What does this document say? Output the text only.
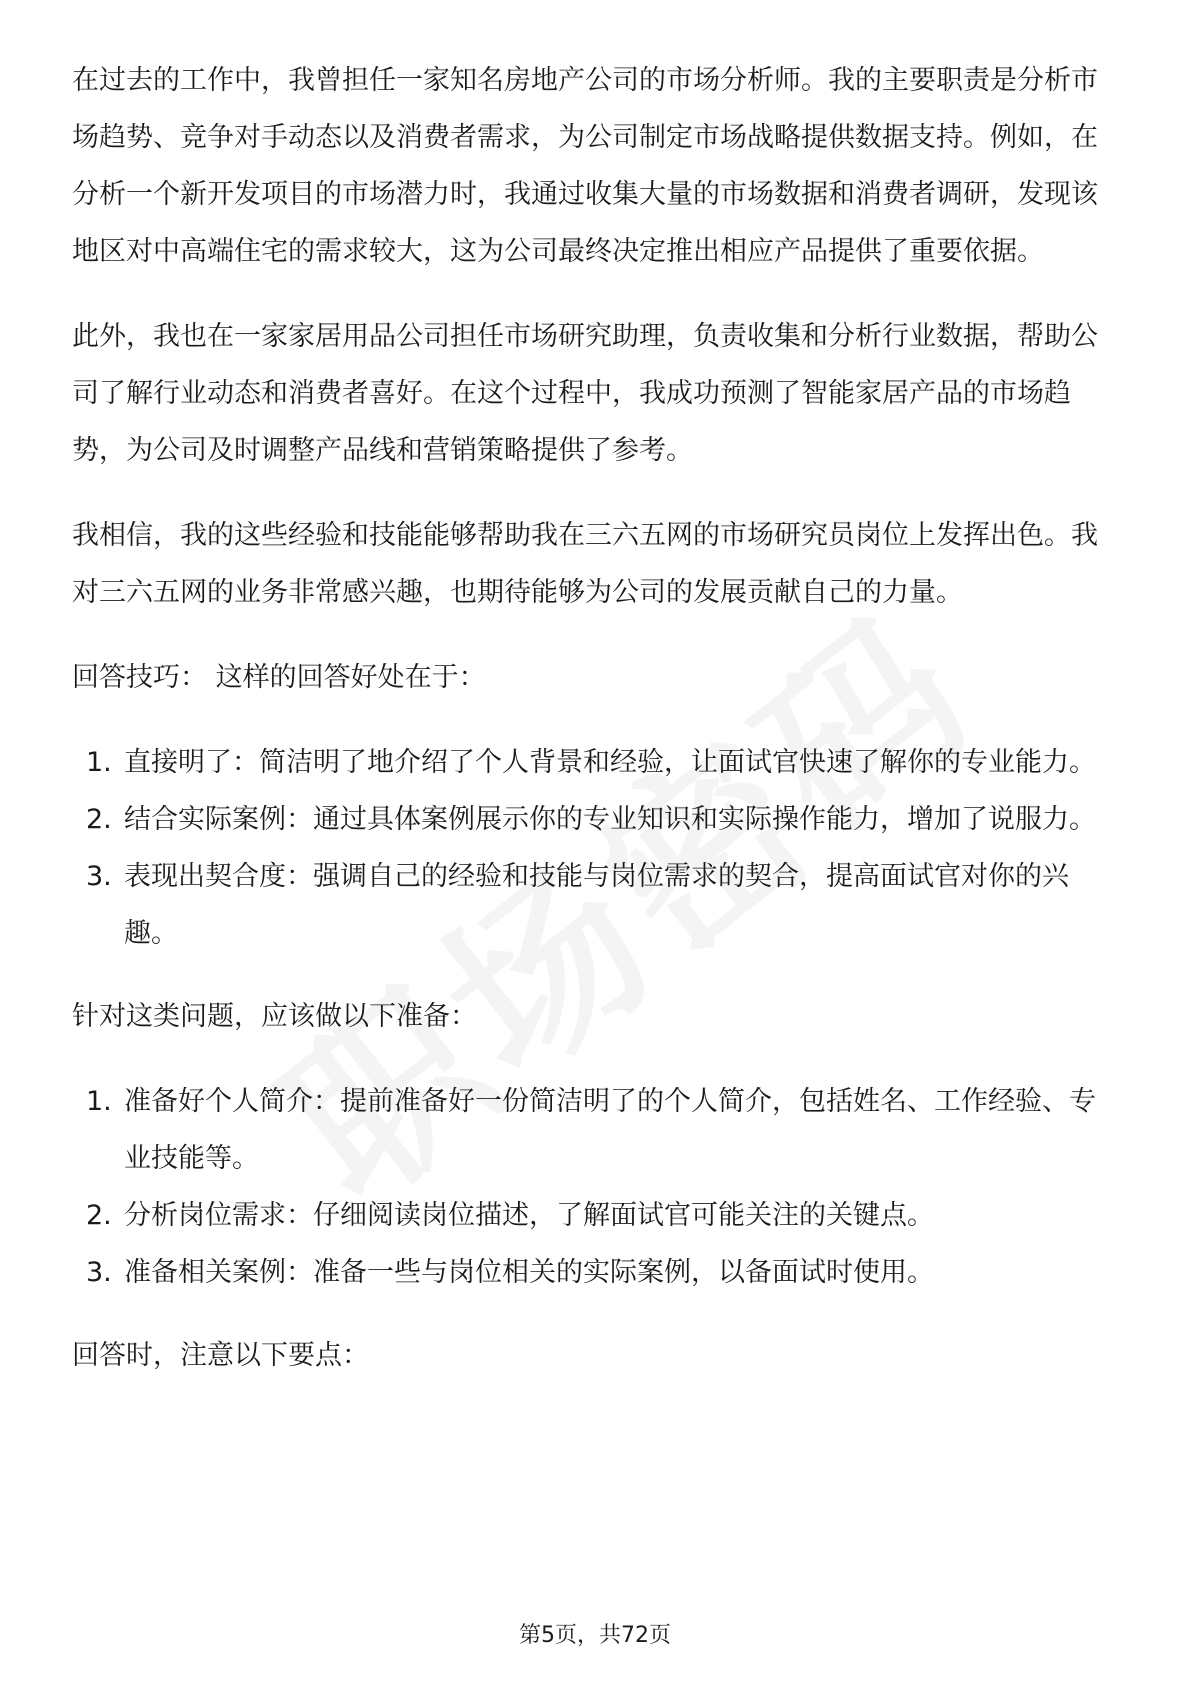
在过去的工作中，我曾担任一家知名房地产公司的市场分析师。我的主要职责是分析市场趋势、竞争对手动态以及消费者需求，为公司制定市场战略提供数据支持。例如，在分析一个新开发项目的市场潜力时，我通过收集大量的市场数据和消费者调研，发现该地区对中高端住宅的需求较大，这为公司最终决定推出相应产品提供了重要依据。

此外，我也在一家家居用品公司担任市场研究助理，负责收集和分析行业数据，帮助公司了解行业动态和消费者喜好。在这个过程中，我成功预测了智能家居产品的市场趋势，为公司及时调整产品线和营销策略提供了参考。

我相信，我的这些经验和技能能够帮助我在三六五网的市场研究员岗位上发挥出色。我对三六五网的业务非常感兴趣，也期待能够为公司的发展贡献自己的力量。

回答技巧： 这样的回答好处在于：

1. 直接明了：简洁明了地介绍了个人背景和经验，让面试官快速了解你的专业能力。
2. 结合实际案例：通过具体案例展示你的专业知识和实际操作能力，增加了说服力。
3. 表现出契合度：强调自己的经验和技能与岗位需求的契合，提高面试官对你的兴趣。

针对这类问题，应该做以下准备：

1. 准备好个人简介：提前准备好一份简洁明了的个人简介，包括姓名、工作经验、专业技能等。
2. 分析岗位需求：仔细阅读岗位描述，了解面试官可能关注的关键点。
3. 准备相关案例：准备一些与岗位相关的实际案例，以备面试时使用。

回答时，注意以下要点：

第5页，共72页
